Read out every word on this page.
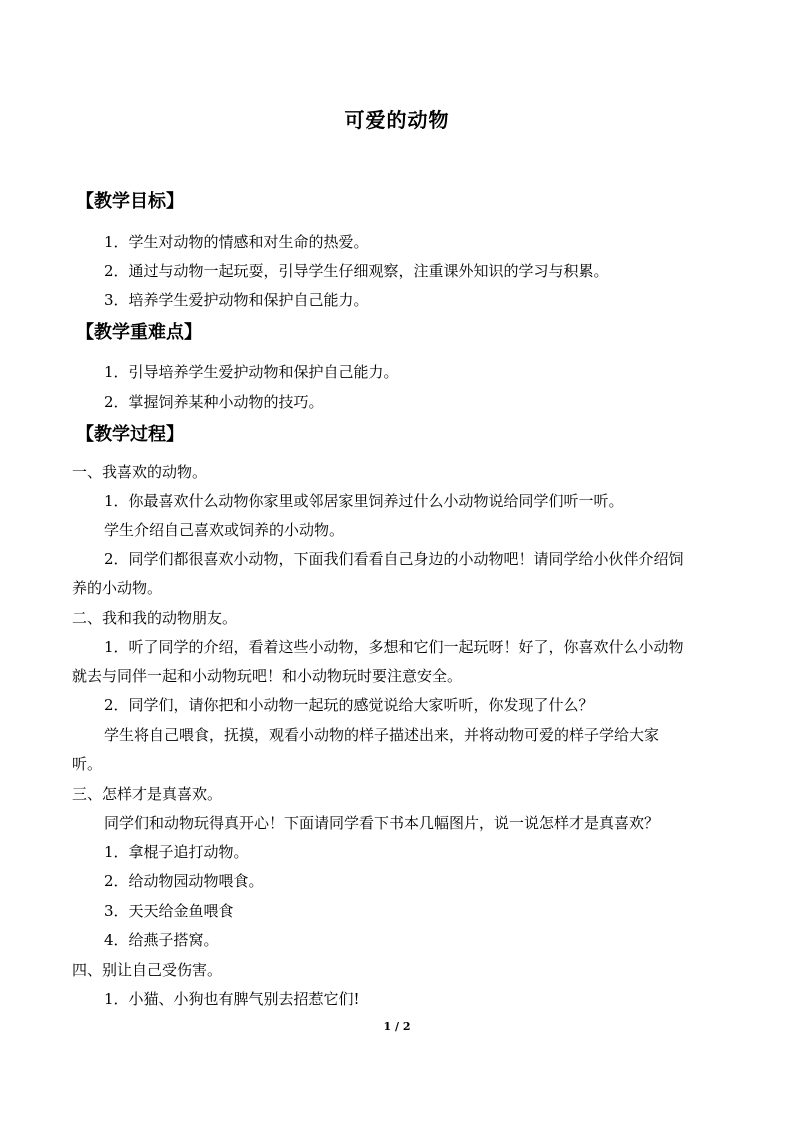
可爱的动物
【教学目标】
1．学生对动物的情感和对生命的热爱。
2．通过与动物一起玩耍，引导学生仔细观察，注重课外知识的学习与积累。
3．培养学生爱护动物和保护自己能力。
【教学重难点】
1．引导培养学生爱护动物和保护自己能力。
2．掌握饲养某种小动物的技巧。
【教学过程】
一、我喜欢的动物。
1．你最喜欢什么动物你家里或邻居家里饲养过什么小动物说给同学们听一听。
学生介绍自己喜欢或饲养的小动物。
2．同学们都很喜欢小动物，下面我们看看自己身边的小动物吧！请同学给小伙伴介绍饲
养的小动物。
二、我和我的动物朋友。
1．听了同学的介绍，看着这些小动物，多想和它们一起玩呀！好了，你喜欢什么小动物
就去与同伴一起和小动物玩吧！和小动物玩时要注意安全。
2．同学们，请你把和小动物一起玩的感觉说给大家听听，你发现了什么？
学生将自己喂食，抚摸，观看小动物的样子描述出来，并将动物可爱的样子学给大家
听。
三、怎样才是真喜欢。
同学们和动物玩得真开心！下面请同学看下书本几幅图片，说一说怎样才是真喜欢？
1．拿棍子追打动物。
2．给动物园动物喂食。
3．天天给金鱼喂食
4．给燕子搭窝。
四、别让自己受伤害。
1．小猫、小狗也有脾气别去招惹它们!
1 / 2
